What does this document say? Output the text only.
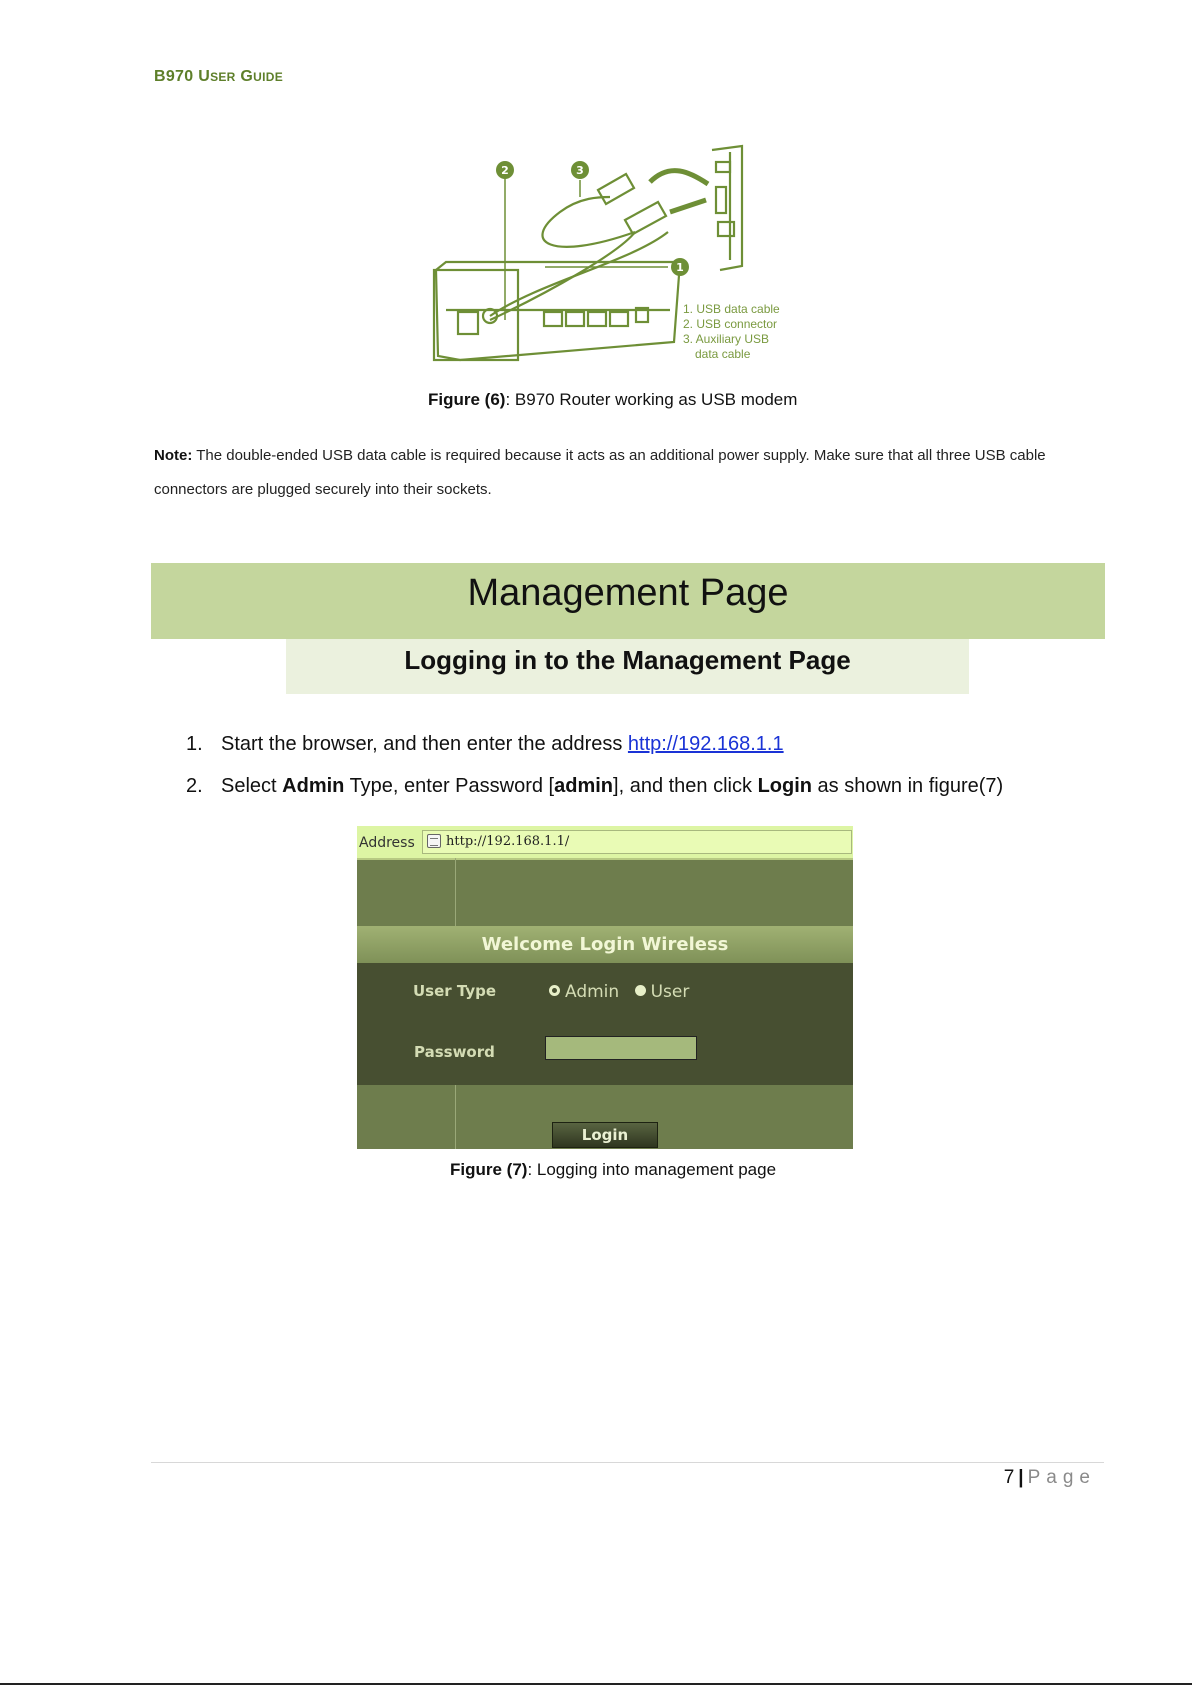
B970 USER GUIDE
2	3
1
1. USB data cable
2. USB connector
3. Auxiliary USB
data cable
Figure (6): B970 Router working as USB modem
Note: The double-ended USB data cable is required because it acts as an additional power supply. Make sure that all three USB cable connectors are plugged securely into their sockets.
Management Page
Logging in to the Management Page
1. Start the browser, and then enter the address http://192.168.1.1
2. Select Admin Type, enter Password [admin], and then click Login as shown in figure(7)
Address	http://192.168.1.1/
Welcome Login Wireless
User Type	Admin User
Password
Login
Figure (7): Logging into management page
7 | Page
